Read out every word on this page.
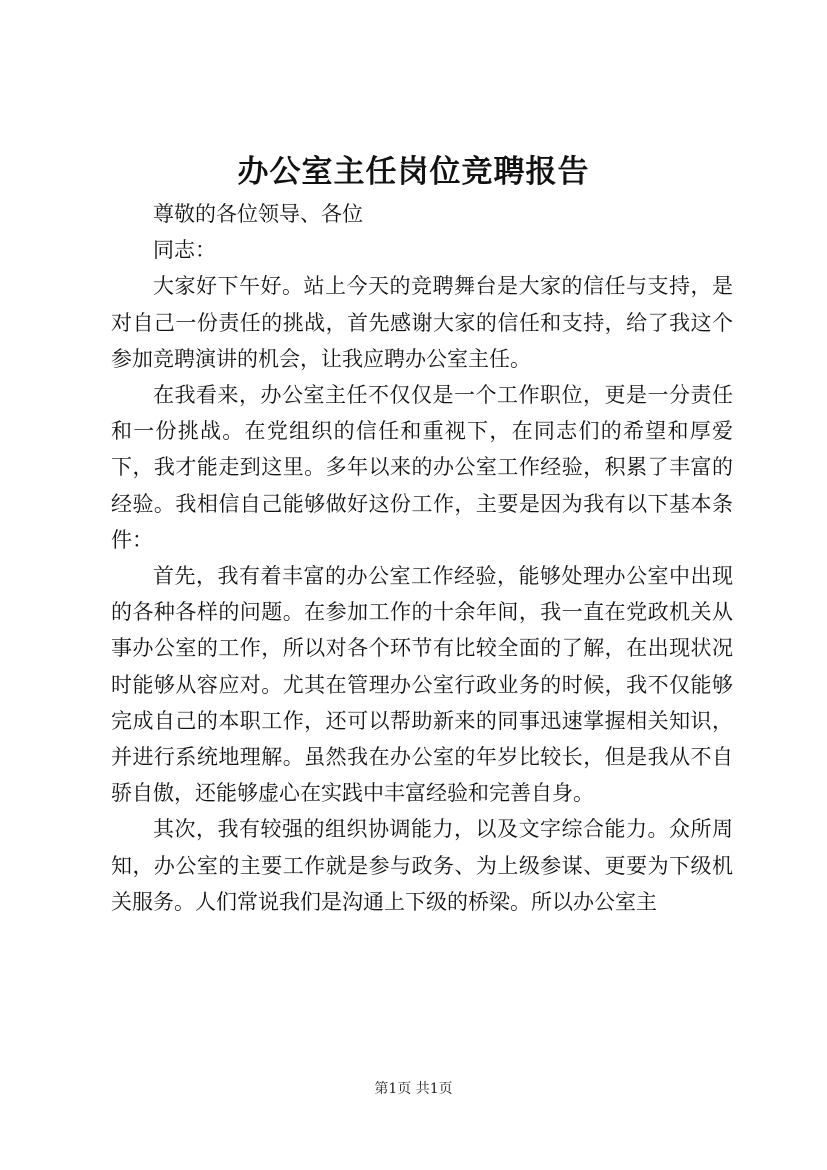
办公室主任岗位竞聘报告

尊敬的各位领导、各位

同志：

大家好下午好。站上今天的竞聘舞台是大家的信任与支持，是对自己一份责任的挑战，首先感谢大家的信任和支持，给了我这个参加竞聘演讲的机会，让我应聘办公室主任。

在我看来，办公室主任不仅仅是一个工作职位，更是一分责任和一份挑战。在党组织的信任和重视下，在同志们的希望和厚爱下，我才能走到这里。多年以来的办公室工作经验，积累了丰富的经验。我相信自己能够做好这份工作，主要是因为我有以下基本条件：

首先，我有着丰富的办公室工作经验，能够处理办公室中出现的各种各样的问题。在参加工作的十余年间，我一直在党政机关从事办公室的工作，所以对各个环节有比较全面的了解，在出现状况时能够从容应对。尤其在管理办公室行政业务的时候，我不仅能够完成自己的本职工作，还可以帮助新来的同事迅速掌握相关知识，并进行系统地理解。虽然我在办公室的年岁比较长，但是我从不自骄自傲，还能够虚心在实践中丰富经验和完善自身。

其次，我有较强的组织协调能力，以及文字综合能力。众所周知，办公室的主要工作就是参与政务、为上级参谋、更要为下级机关服务。人们常说我们是沟通上下级的桥梁。所以办公室主

第1页 共1页
